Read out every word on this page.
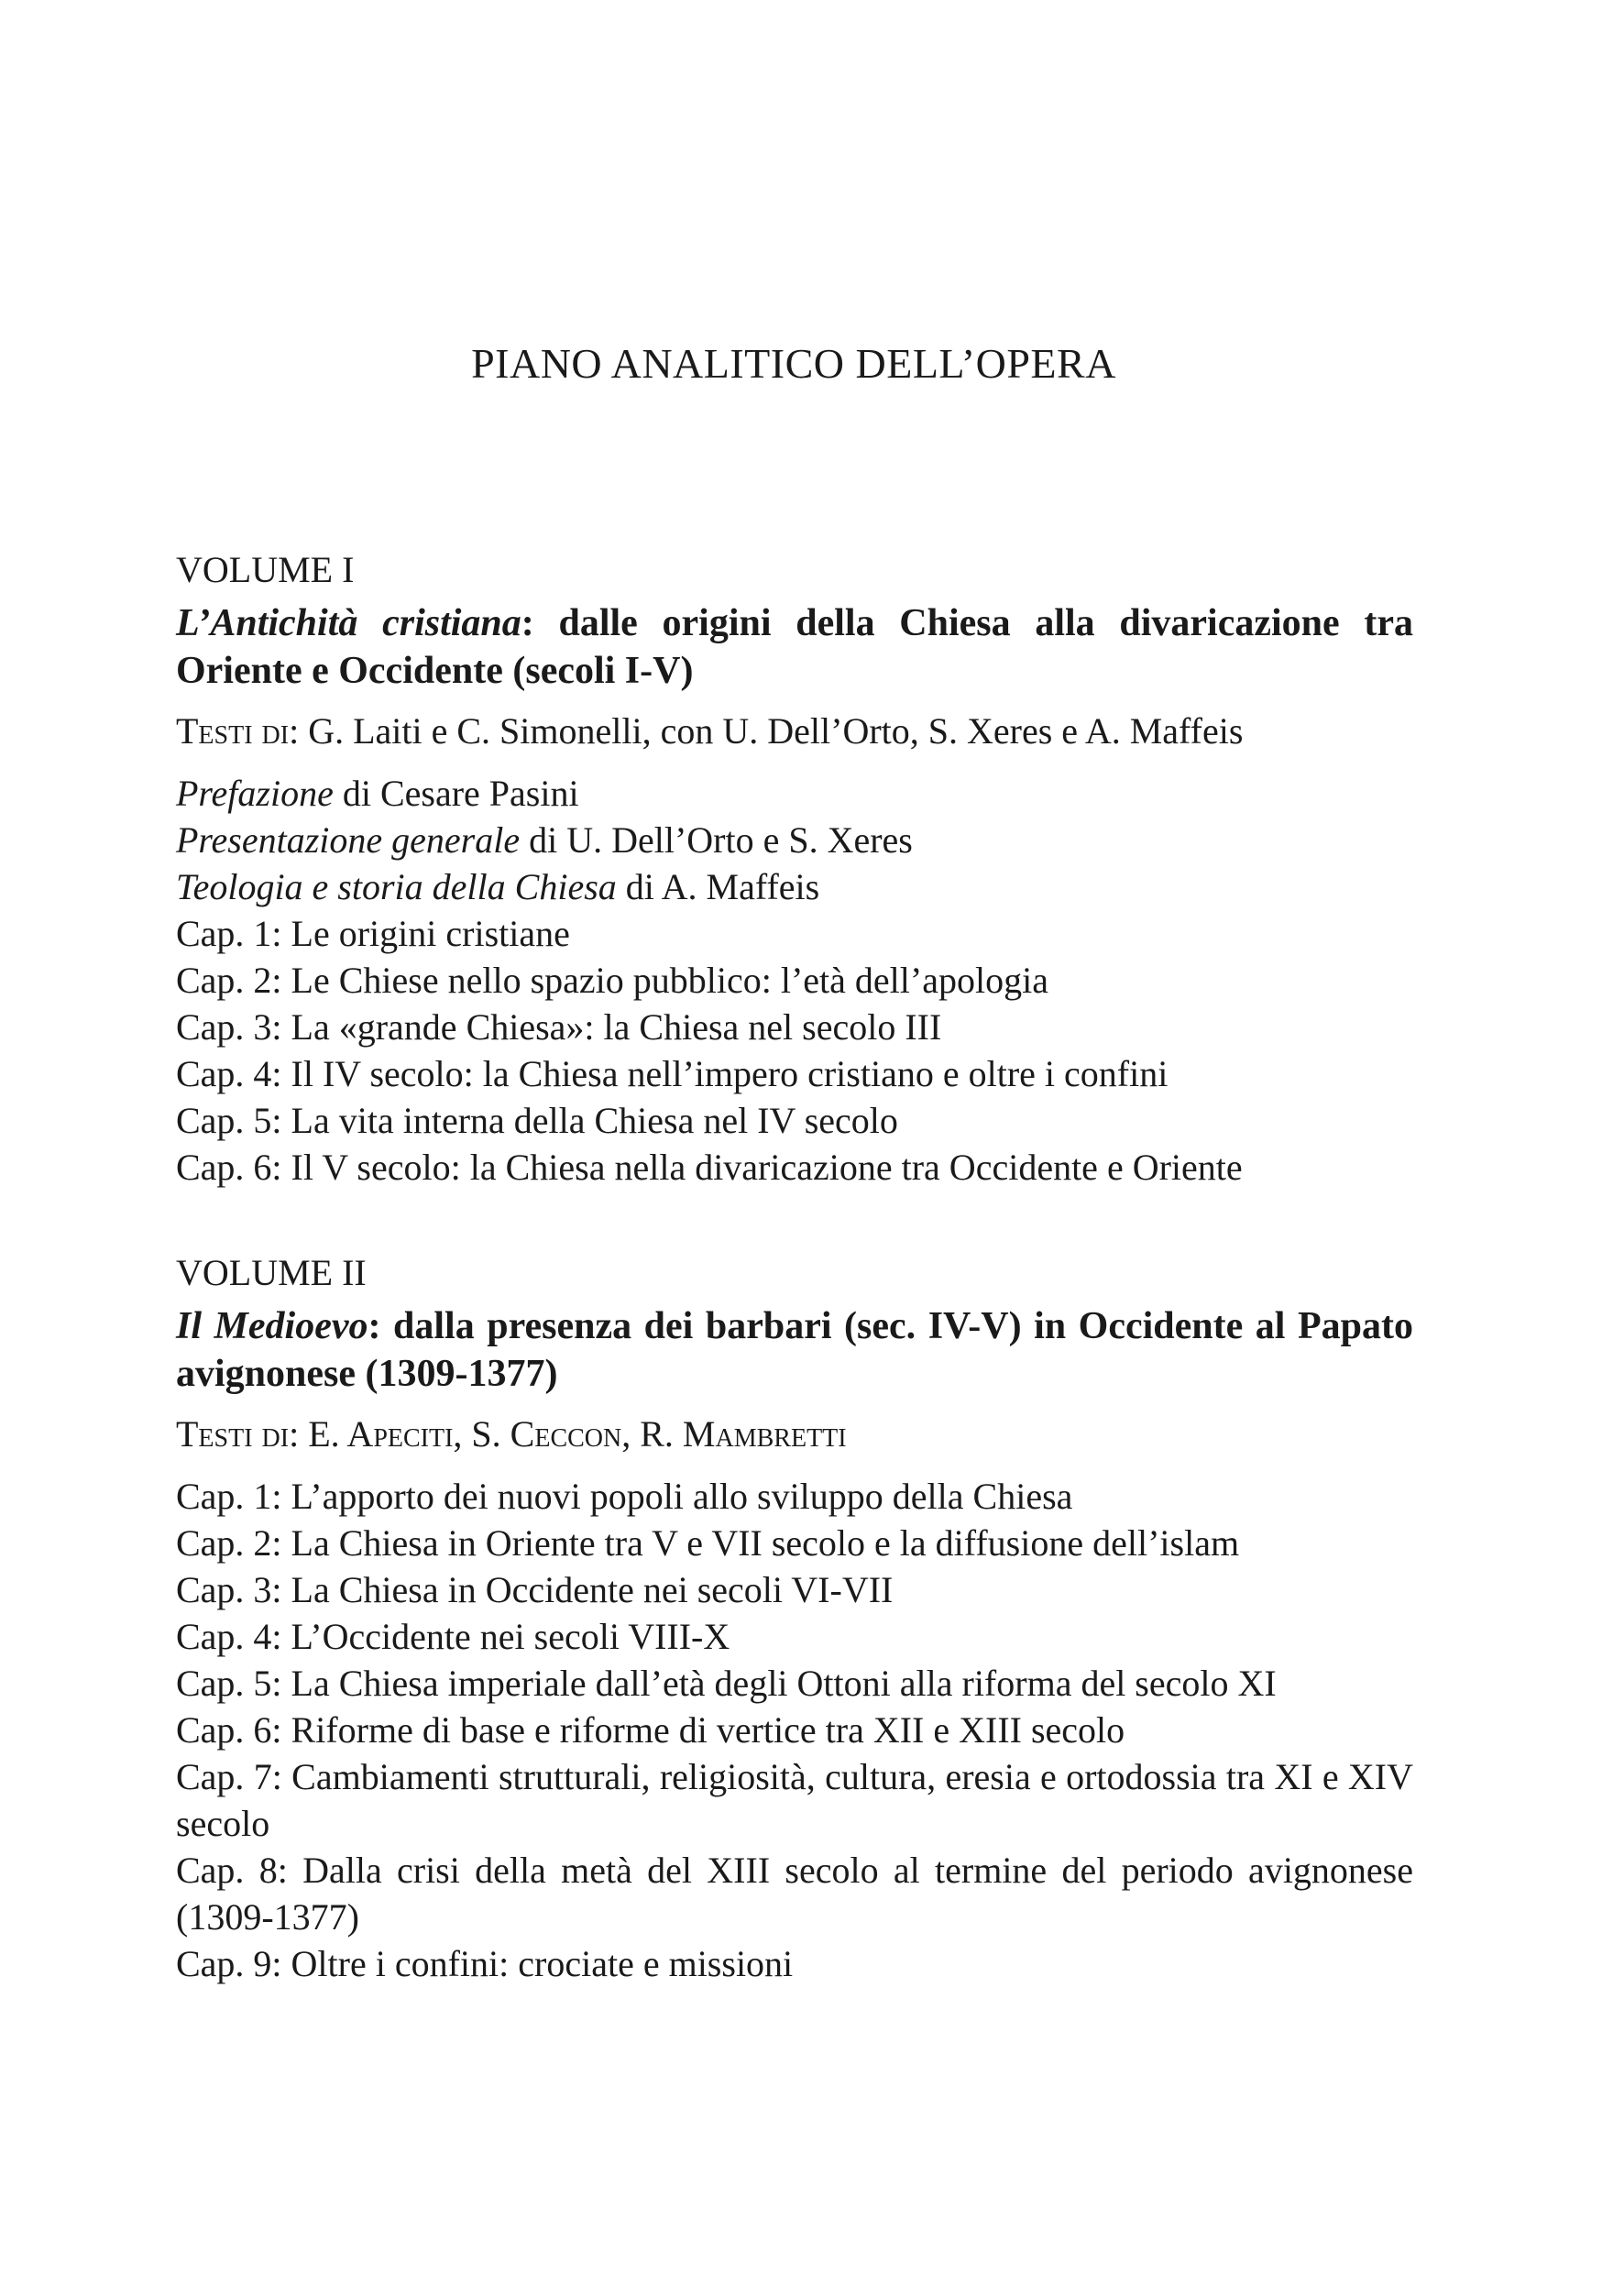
PIANO ANALITICO DELL’OPERA

VOLUME I

L’Antichità cristiana: dalle origini della Chiesa alla divaricazione tra Oriente e Occidente (secoli I-V)

Testi di: G. Laiti e C. Simonelli, con U. Dell’Orto, S. Xeres e A. Maffeis

Prefazione di Cesare Pasini
Presentazione generale di U. Dell’Orto e S. Xeres
Teologia e storia della Chiesa di A. Maffeis
Cap. 1: Le origini cristiane
Cap. 2: Le Chiese nello spazio pubblico: l’età dell’apologia
Cap. 3: La «grande Chiesa»: la Chiesa nel secolo III
Cap. 4: Il IV secolo: la Chiesa nell’impero cristiano e oltre i confini
Cap. 5: La vita interna della Chiesa nel IV secolo
Cap. 6: Il V secolo: la Chiesa nella divaricazione tra Occidente e Oriente

VOLUME II

Il Medioevo: dalla presenza dei barbari (sec. IV-V) in Occidente al Papato avignonese (1309-1377)

Testi di: E. Apeciti, S. Ceccon, R. Mambretti

Cap. 1: L’apporto dei nuovi popoli allo sviluppo della Chiesa
Cap. 2: La Chiesa in Oriente tra V e VII secolo e la diffusione dell’islam
Cap. 3: La Chiesa in Occidente nei secoli VI-VII
Cap. 4: L’Occidente nei secoli VIII-X
Cap. 5: La Chiesa imperiale dall’età degli Ottoni alla riforma del secolo XI
Cap. 6: Riforme di base e riforme di vertice tra XII e XIII secolo
Cap. 7: Cambiamenti strutturali, religiosità, cultura, eresia e ortodossia tra XI e XIV secolo
Cap. 8: Dalla crisi della metà del XIII secolo al termine del periodo avignonese (1309-1377)
Cap. 9: Oltre i confini: crociate e missioni
